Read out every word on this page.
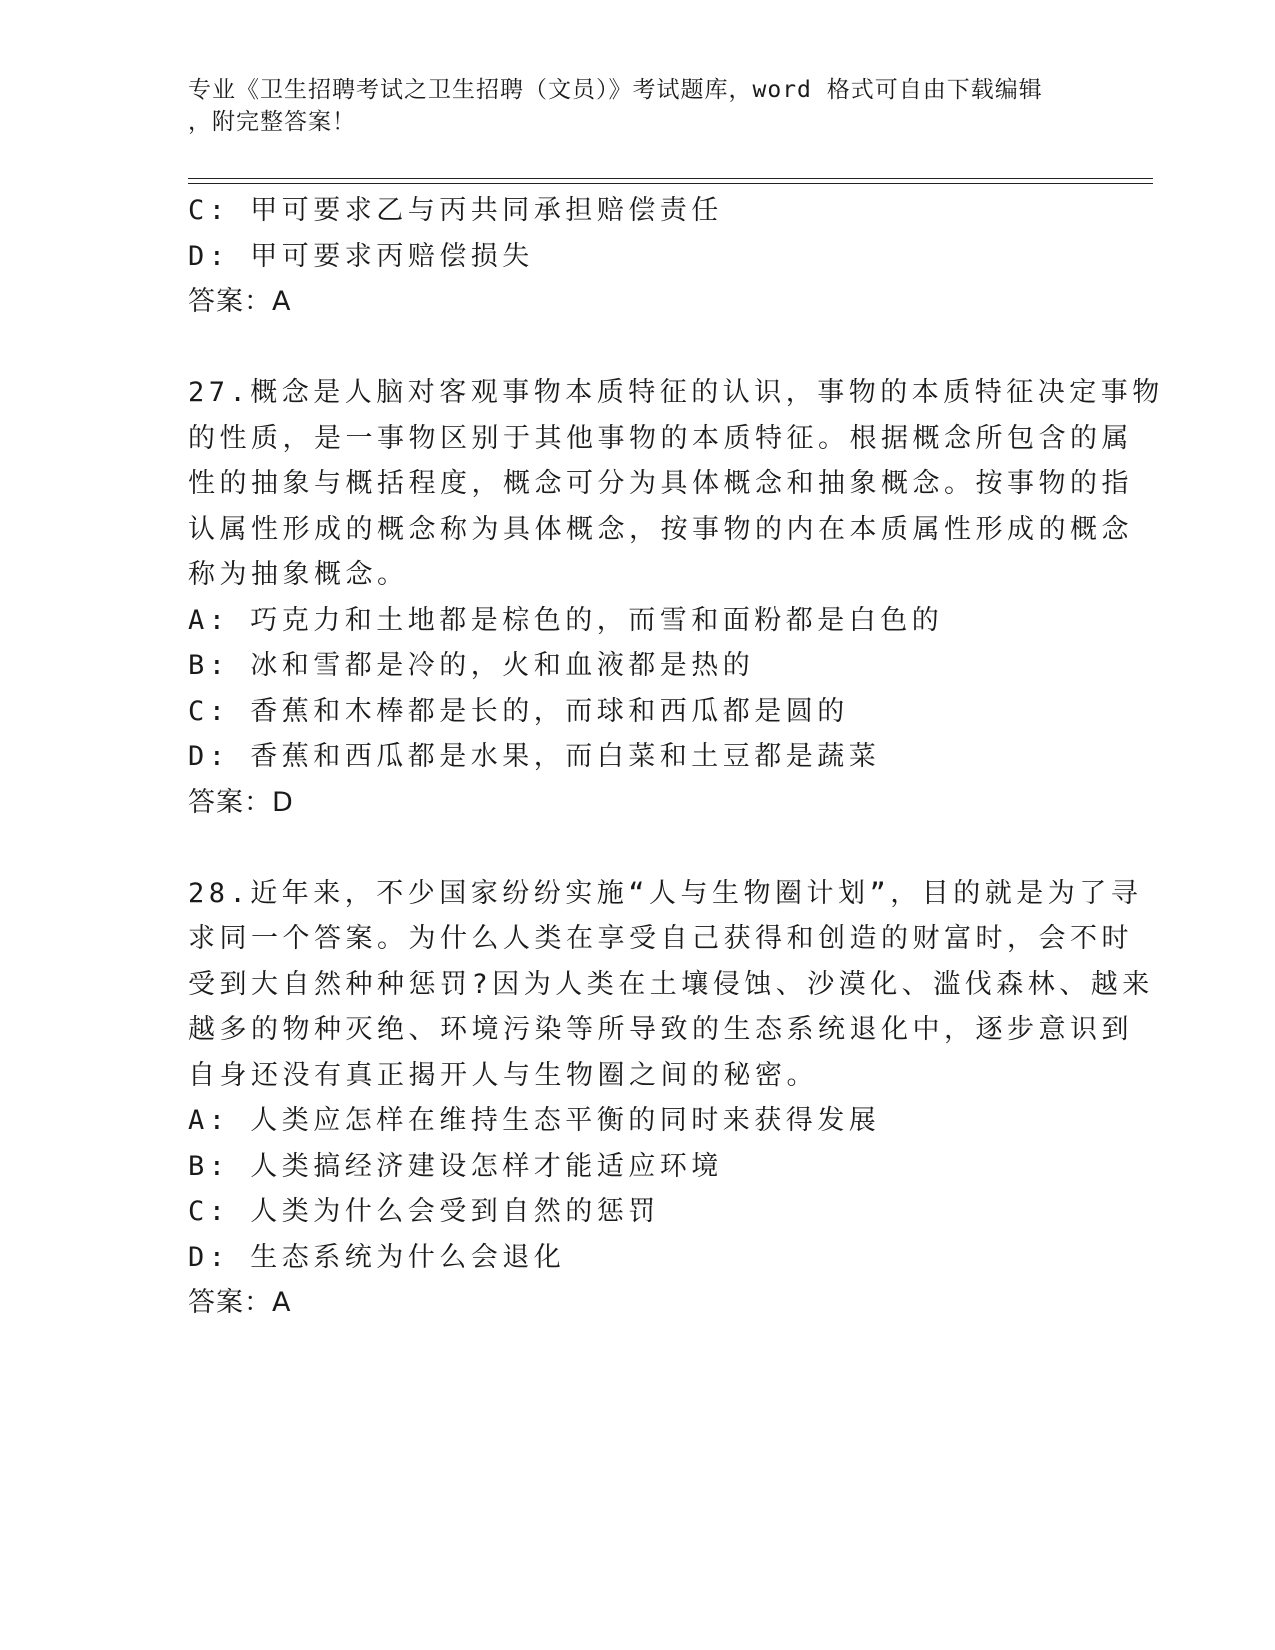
专业《卫生招聘考试之卫生招聘（文员）》考试题库，word 格式可自由下载编辑
，附完整答案！

C: 甲可要求乙与丙共同承担赔偿责任

D: 甲可要求丙赔偿损失

答案：A

27.概念是人脑对客观事物本质特征的认识，事物的本质特征决定事物

的性质，是一事物区别于其他事物的本质特征。根据概念所包含的属

性的抽象与概括程度，概念可分为具体概念和抽象概念。按事物的指

认属性形成的概念称为具体概念，按事物的内在本质属性形成的概念

称为抽象概念。

A: 巧克力和土地都是棕色的，而雪和面粉都是白色的

B: 冰和雪都是冷的，火和血液都是热的

C: 香蕉和木棒都是长的，而球和西瓜都是圆的

D: 香蕉和西瓜都是水果，而白菜和土豆都是蔬菜

答案：D

28.近年来，不少国家纷纷实施“人与生物圈计划”，目的就是为了寻

求同一个答案。为什么人类在享受自己获得和创造的财富时，会不时

受到大自然种种惩罚?因为人类在土壤侵蚀、沙漠化、滥伐森林、越来

越多的物种灭绝、环境污染等所导致的生态系统退化中，逐步意识到

自身还没有真正揭开人与生物圈之间的秘密。

A: 人类应怎样在维持生态平衡的同时来获得发展

B: 人类搞经济建设怎样才能适应环境

C: 人类为什么会受到自然的惩罚

D: 生态系统为什么会退化

答案：A
